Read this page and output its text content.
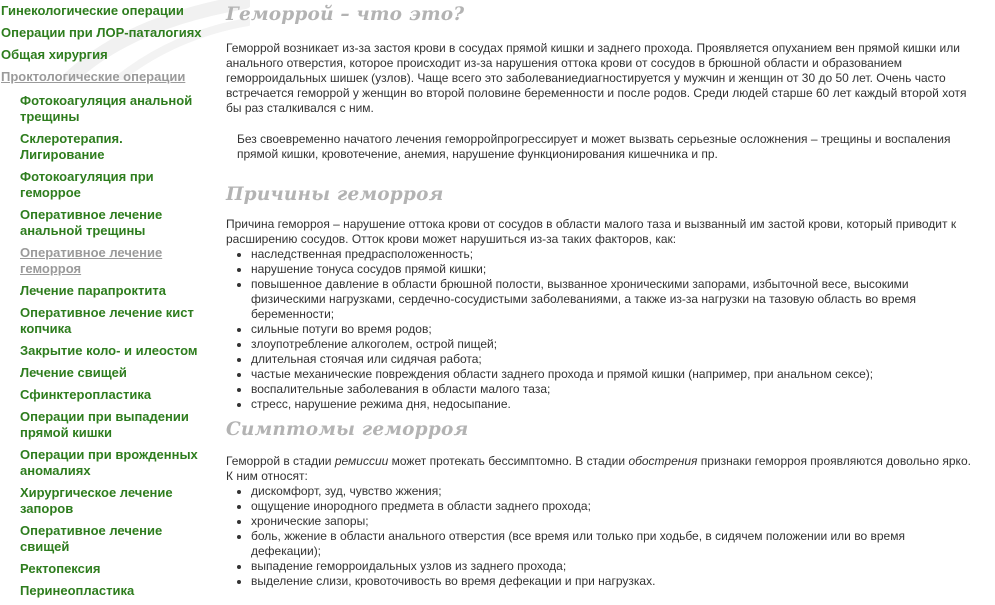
Гинекологические операции
Операции при ЛОР-паталогиях
Общая хирургия
Проктологические операции
Фотокоагуляция анальной трещины
Склеротерапия. Лигирование
Фотокоагуляция при геморрое
Оперативное лечение анальной трещины
Оперативное лечение геморроя
Лечение парапроктита
Оперативное лечение кист копчика
Закрытие коло- и илеостом
Лечение свищей
Сфинктеропластика
Операции при выпадении прямой кишки
Операции при врожденных аномалиях
Хирургическое лечение запоров
Оперативное лечение свищей
Ректопексия
Перинеопластика
Геморрой – что это?

Геморрой возникает из-за застоя крови в сосудах прямой кишки и заднего прохода. Проявляется опуханием вен прямой кишки или анального отверстия, которое происходит из-за нарушения оттока крови от сосудов в брюшной области и образованием геморроидальных шишек (узлов). Чаще всего это заболеваниедиагностируется у мужчин и женщин от 30 до 50 лет. Очень часто встречается геморрой у женщин во второй половине беременности и после родов. Среди людей старше 60 лет каждый второй хотя бы раз сталкивался с ним.

Без своевременно начатого лечения геморройпрогрессирует и может вызвать серьезные осложнения – трещины и воспаления прямой кишки, кровотечение, анемия, нарушение функционирования кишечника и пр.

Причины геморроя

Причина геморроя – нарушение оттока крови от сосудов в области малого таза и вызванный им застой крови, который приводит к расширению сосудов. Отток крови может нарушиться из-за таких факторов, как:

• наследственная предрасположенность;
• нарушение тонуса сосудов прямой кишки;
• повышенное давление в области брюшной полости, вызванное хроническими запорами, избыточной весе, высокими физическими нагрузками, сердечно-сосудистыми заболеваниями, а также из-за нагрузки на тазовую область во время беременности;
• сильные потуги во время родов;
• злоупотребление алкоголем, острой пищей;
• длительная стоячая или сидячая работа;
• частые механические повреждения области заднего прохода и прямой кишки (например, при анальном сексе);
• воспалительные заболевания в области малого таза;
• стресс, нарушение режима дня, недосыпание.
Симптомы геморроя

Геморрой в стадии ремиссии может протекать бессимптомно. В стадии обострения признаки геморроя проявляются довольно ярко. К ним относят:

• дискомфорт, зуд, чувство жжения;
• ощущение инородного предмета в области заднего прохода;
• хронические запоры;
• боль, жжение в области анального отверстия (все время или только при ходьбе, в сидячем положении или во время дефекации);
• выпадение геморроидальных узлов из заднего прохода;
• выделение слизи, кровоточивость во время дефекации и при нагрузках.
